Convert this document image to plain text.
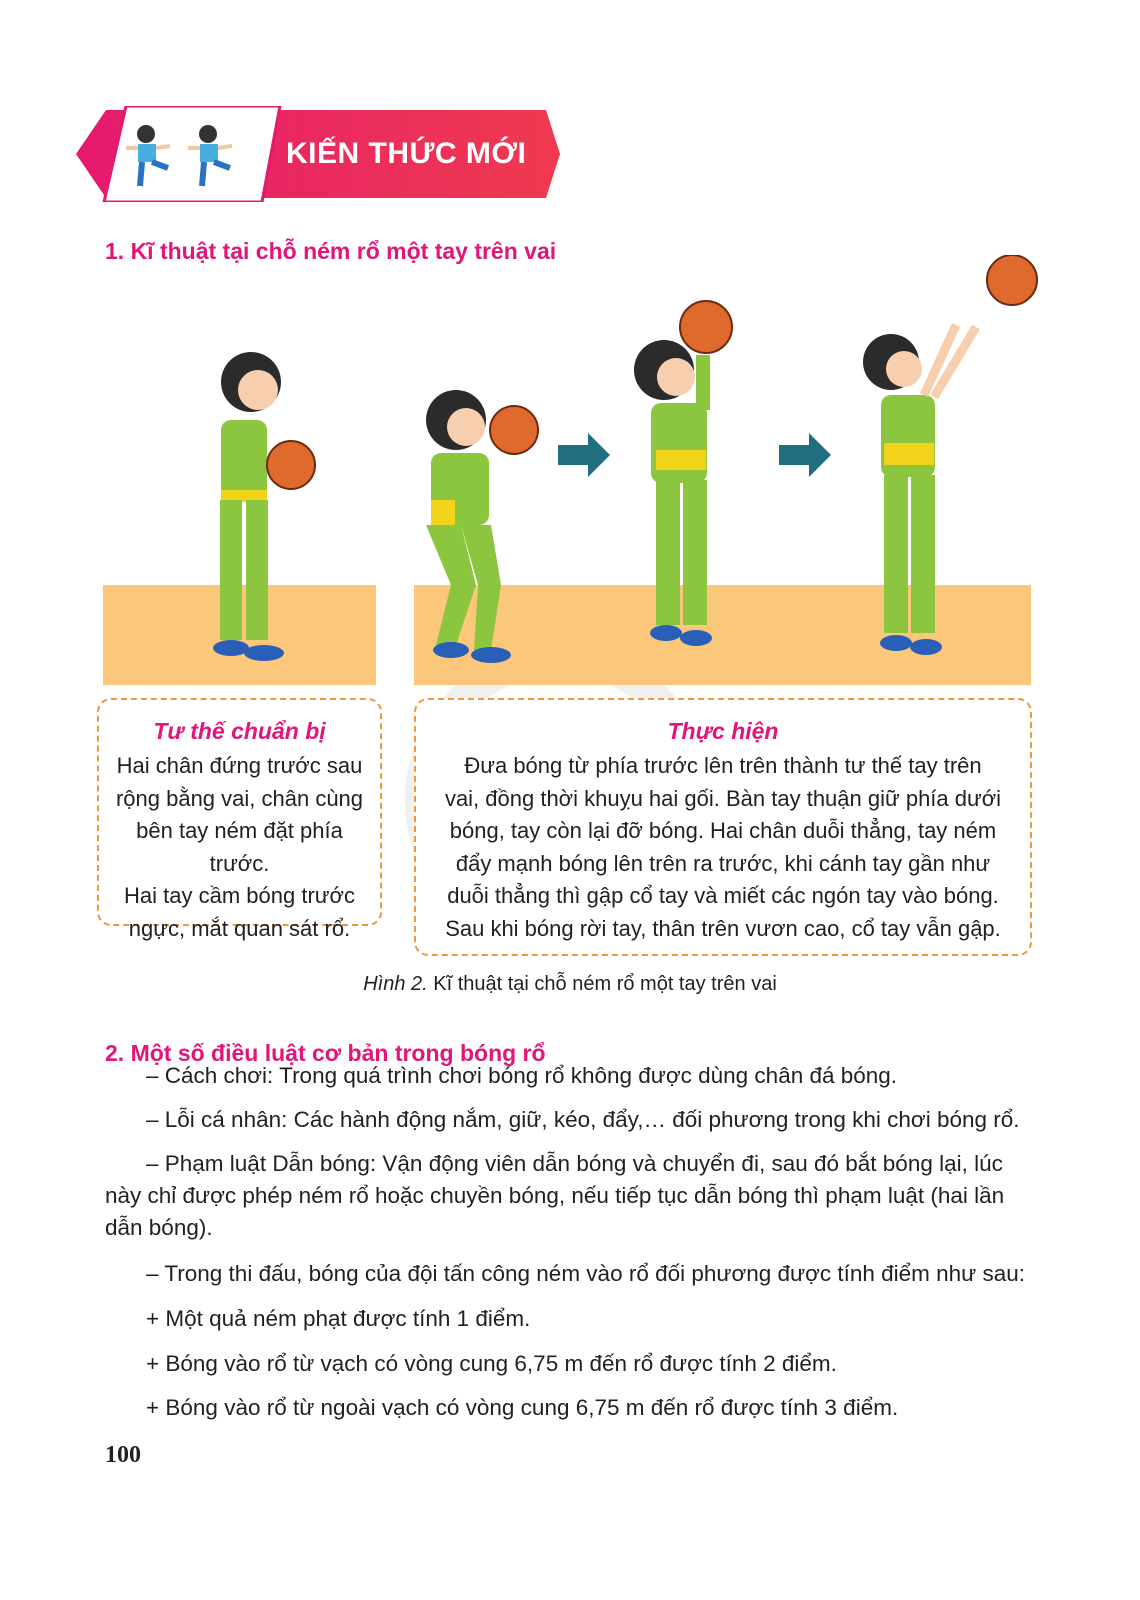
KIẾN THỨC MỚI
1. Kĩ thuật tại chỗ ném rổ một tay trên vai
Tư thế chuẩn bị
Hai chân đứng trước sau
rộng bằng vai, chân cùng
bên tay ném đặt phía trước.
Hai tay cầm bóng trước
ngực, mắt quan sát rổ.
Thực hiện
Đưa bóng từ phía trước lên trên thành tư thế tay trên
vai, đồng thời khuỵu hai gối. Bàn tay thuận giữ phía dưới
bóng, tay còn lại đỡ bóng. Hai chân duỗi thẳng, tay ném
đẩy mạnh bóng lên trên ra trước, khi cánh tay gần như
duỗi thẳng thì gập cổ tay và miết các ngón tay vào bóng.
Sau khi bóng rời tay, thân trên vươn cao, cổ tay vẫn gập.
Hình 2. Kĩ thuật tại chỗ ném rổ một tay trên vai
2. Một số điều luật cơ bản trong bóng rổ
– Cách chơi: Trong quá trình chơi bóng rổ không được dùng chân đá bóng.
– Lỗi cá nhân: Các hành động nắm, giữ, kéo, đẩy,… đối phương trong khi chơi bóng rổ.
– Phạm luật Dẫn bóng: Vận động viên dẫn bóng và chuyển đi, sau đó bắt bóng lại, lúc này chỉ được phép ném rổ hoặc chuyền bóng, nếu tiếp tục dẫn bóng thì phạm luật (hai lần dẫn bóng).
– Trong thi đấu, bóng của đội tấn công ném vào rổ đối phương được tính điểm như sau:
+ Một quả ném phạt được tính 1 điểm.
+ Bóng vào rổ từ vạch có vòng cung 6,75 m đến rổ được tính 2 điểm.
+ Bóng vào rổ từ ngoài vạch có vòng cung 6,75 m đến rổ được tính 3 điểm.
100
